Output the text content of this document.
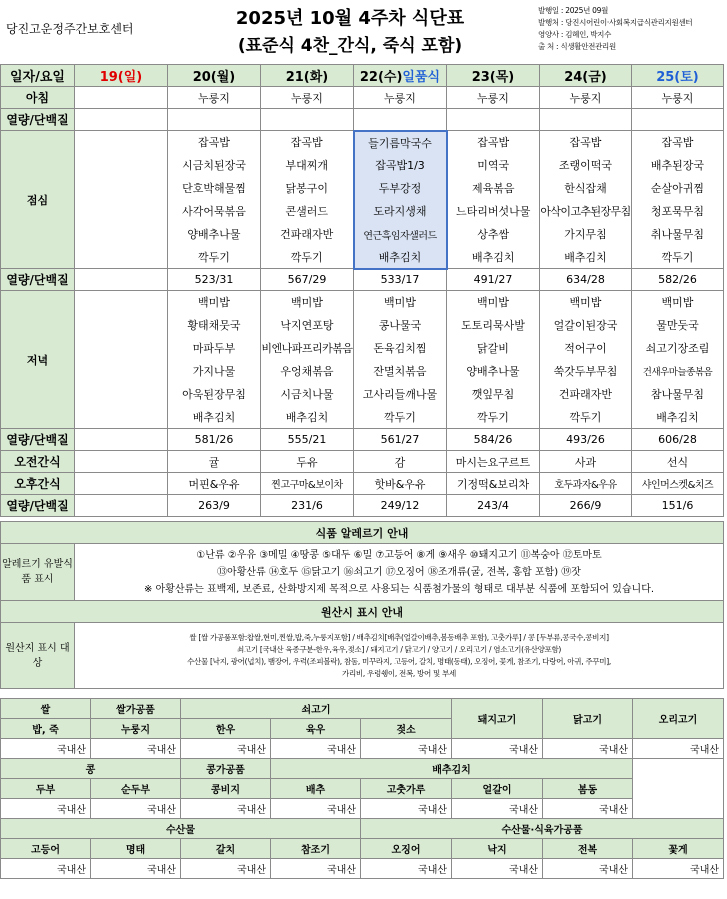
당진고운정주간보호센터	2025년 10월 4주차 식단표
(표준식 4찬_간식, 죽식 포함)
발행일 : 2025년 09월
발행처 : 당진시어린이·사회복지급식관리지원센터
영양사 : 김혜인, 박지수
출 처 : 식생활안전관리원
일자/요일	19(일)	20(월)	21(화)	22(수)일품식	23(목)	24(금)	25(토)
아침		누룽지	누룽지	누룽지	누룽지	누룽지	누룽지
열량/단백질							
점심		잡곡밥	잡곡밥	들기름막국수	잡곡밥	잡곡밥	잡곡밥
		시금치된장국	부대찌개	잡곡밥1/3	미역국	조랭이떡국	배추된장국
		단호박해물찜	닭봉구이	두부강정	제육볶음	한식잡채	순살아귀찜
		사각어묵볶음	콘샐러드	도라지생채	느타리버섯나물	아삭이고추된장무침	청포묵무침
		양배추나물	건파래자반	연근흑임자샐러드	상추쌈	가지무침	취나물무침
		깍두기	깍두기	배추김치	배추김치	배추김치	깍두기
열량/단백질		523/31	567/29	533/17	491/27	634/28	582/26
저녁		백미밥	백미밥	백미밥	백미밥	백미밥	백미밥
		황태채뭇국	낙지연포탕	콩나물국	도토리묵사발	얼갈이된장국	물만둣국
		마파두부	비엔나파프리카볶음	돈육김치찜	닭갈비	적어구이	쇠고기장조림
		가지나물	우엉채볶음	잔멸치볶음	양배추나물	쑥갓두부무침	건새우마늘종볶음
		아욱된장무침	시금치나물	고사리들깨나물	깻잎무침	건파래자반	참나물무침
		배추김치	배추김치	깍두기	깍두기	깍두기	배추김치
열량/단백질		581/26	555/21	561/27	584/26	493/26	606/28
오전간식		귤	두유	감	마시는요구르트	사과	선식
오후간식		머핀&우유	찐고구마&보이차	핫바&우유	기정떡&보리차	호두과자&우유	샤인머스켓&치즈
열량/단백질		263/9	231/6	249/12	243/4	266/9	151/6
식품 알레르기 안내	
알레르기 유발식품 표시	①난류 ②우유 ③메밀 ④땅콩 ⑤대두 ⑥밀 ⑦고등어 ⑧게 ⑨새우 ⑩돼지고기 ⑪복숭아 ⑫토마토
⑬아황산류 ⑭호두 ⑮닭고기 ⑯쇠고기 ⑰오징어 ⑱조개류(굴, 전복, 홍합 포함) ⑲잣
※ 아황산류는 표백제, 보존료, 산화방지제 목적으로 사용되는 식품첨가물의 형태로 대부분 식품에 포함되어 있습니다.

원산시 표시 안내	
원산지 표시 대상	쌀 [쌀 가공품포함:찹쌀,현미,찐쌀,밥,죽,누룽지포함] / 배추김치[배추(얼갈이배추,봄동배추 포함), 고춧가루] / 콩 [두부류,콩국수,콩비지]
쇠고기 [국내산 육종구분-한우,육우,젖소] / 돼지고기 / 닭고기 / 양고기 / 오리고기 / 염소고기(유산양포함)
수산물 [낙지, 광어(넙치), 뱀장어, 우럭(조피볼락), 참돔, 미꾸라지, 고등어, 갈치, 명태(동태), 오징어, 꽃게, 참조기, 다랑어, 아귀, 주꾸미],
가리비, 우렁쉥이, 전복, 방어 및 부세
쌀	쌀가공품	쇠고기			돼지고기	닭고기	오리고기
밥, 죽	누룽지	한우	육우	젖소			
국내산	국내산	국내산	국내산	국내산	국내산	국내산	국내산
콩		콩가공품	배추김치				
두부	순두부	콩비지	배추	고춧가루	얼갈이	봄동	
국내산	국내산	국내산	국내산	국내산	국내산	국내산	
수산물				수산물·식육가공품			
고등어	명태	갈치	참조기	오징어	낙지	전복	꽃게
국내산	국내산	국내산	국내산	국내산	국내산	국내산	국내산
